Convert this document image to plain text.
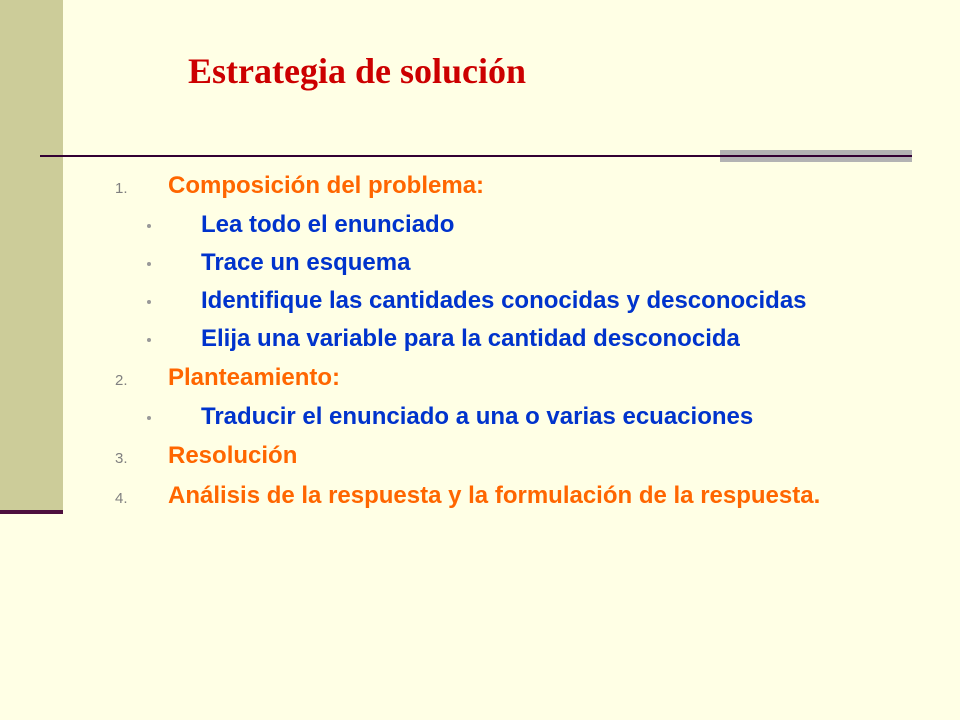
Estrategia de solución
1. Composición del problema:
Lea todo el enunciado
Trace un esquema
Identifique las cantidades conocidas y desconocidas
Elija una variable para la cantidad desconocida
2. Planteamiento:
Traducir el enunciado a una o varias ecuaciones
3. Resolución
4. Análisis de la respuesta y la formulación de la respuesta.
